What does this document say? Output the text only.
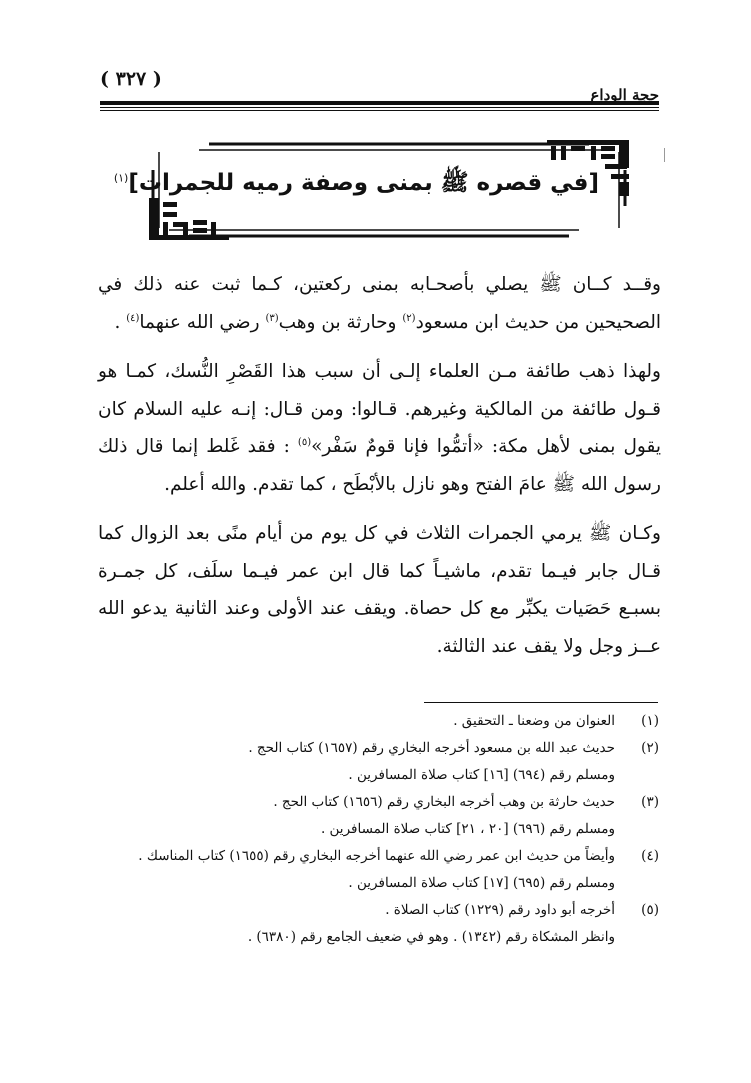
( ٣٢٧ )
حجة الوداع
[في قصره ﷺ بمنى وصفة رميه للجمرات]$^{(١)}$

وقــد كــان ﷺ يصلي بأصحـابه بمنى ركعتين، كـما ثبت عنه ذلك في الصحيحين من حديث ابن مسعود$^{(٢)}$ وحارثة بن وهب$^{(٣)}$ رضي الله عنهما$^{(٤)}$ .

ولهذا ذهب طائفة مـن العلماء إلـى أن سبب هذا القَصْرِ النُّسك، كمـا هو قـول طائفة من المالكية وغيرهم. قـالوا: ومن قـال: إنـه عليه السلام كان يقول بمنى لأهل مكة: «أتمُّوا فإنا قومٌ سَفْر»$^{(٥)}$ : فقد غَلط إنما قال ذلك رسول الله ﷺ عامَ الفتح وهو نازل بالأبْطَح ، كما تقدم. والله أعلم.

وكـان ﷺ يرمي الجمرات الثلاث في كل يوم من أيام منًى بعد الزوال كما قـال جابر فيـما تقدم، ماشيـاً كما قال ابن عمر فيـما سلَف، كل جمـرة بسبـع حَصَيات يكبِّر مع كل حصاة. ويقف عند الأولى وعند الثانية يدعو الله عــز وجل ولا يقف عند الثالثة.

(١)
العنوان من وضعنا ـ التحقيق .
(٢)
حديث عبد الله بن مسعود أخرجه البخاري رقم (١٦٥٧) كتاب الحج .
ومسلم رقم (٦٩٤) [١٦] كتاب صلاة المسافرين .
(٣)
حديث حارثة بن وهب أخرجه البخاري رقم (١٦٥٦) كتاب الحج .
ومسلم رقم (٦٩٦) [٢٠ ، ٢١] كتاب صلاة المسافرين .
(٤)
وأيضاً من حديث ابن عمر رضي الله عنهما أخرجه البخاري رقم (١٦٥٥) كتاب المناسك .
ومسلم رقم (٦٩٥) [١٧] كتاب صلاة المسافرين .
(٥)
أخرجه أبو داود رقم (١٢٢٩) كتاب الصلاة .
وانظر المشكاة رقم (١٣٤٢) . وهو في ضعيف الجامع رقم (٦٣٨٠) .
